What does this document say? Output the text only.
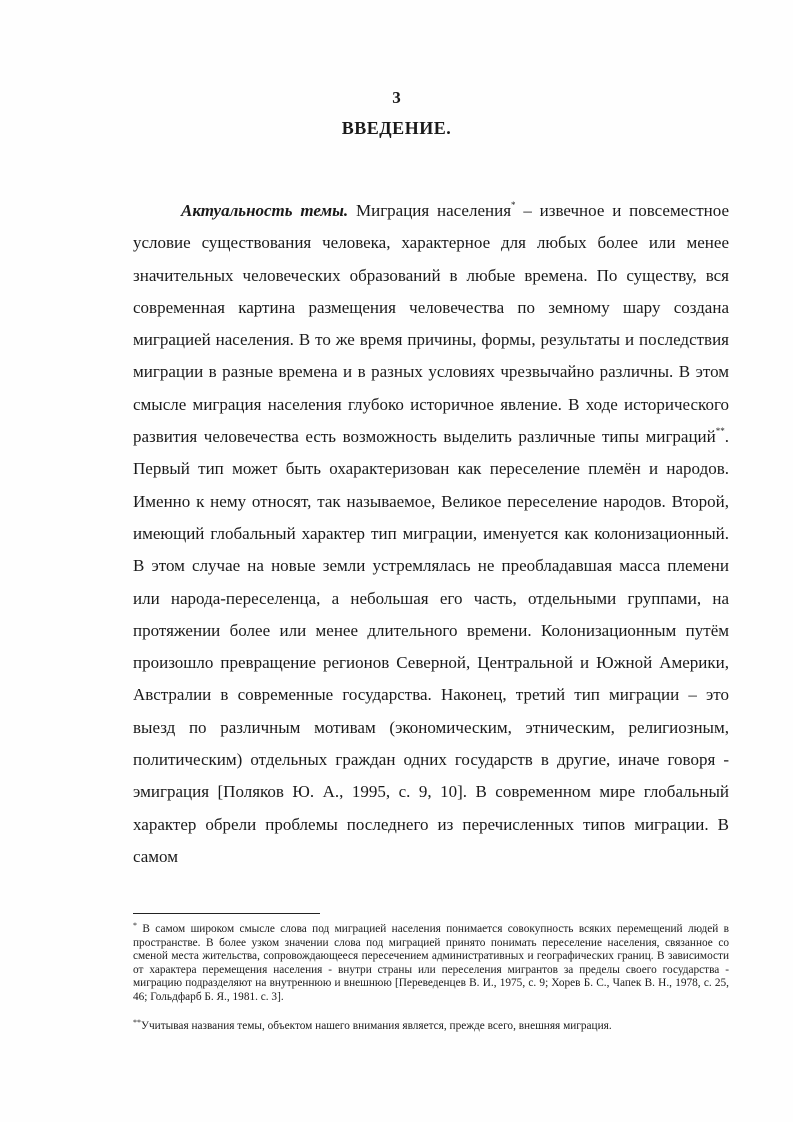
3
ВВЕДЕНИЕ.

Актуальность темы. Миграция населения* – извечное и повсеместное условие существования человека, характерное для любых более или менее значительных человеческих образований в любые времена. По существу, вся современная картина размещения человечества по земному шару создана миграцией населения. В то же время причины, формы, результаты и последствия миграции в разные времена и в разных условиях чрезвычайно различны. В этом смысле миграция населения глубоко историчное явление. В ходе исторического развития человечества есть возможность выделить различные типы миграций**. Первый тип может быть охарактеризован как переселение племён и народов. Именно к нему относят, так называемое, Великое переселение народов. Второй, имеющий глобальный характер тип миграции, именуется как колонизационный. В этом случае на новые земли устремлялась не преобладавшая масса племени или народа-переселенца, а небольшая его часть, отдельными группами, на протяжении более или менее длительного времени. Колонизационным путём произошло превращение регионов Северной, Центральной и Южной Америки, Австралии в современные государства. Наконец, третий тип миграции – это выезд по различным мотивам (экономическим, этническим, религиозным, политическим) отдельных граждан одних государств в другие, иначе говоря - эмиграция [Поляков Ю. А., 1995, с. 9, 10]. В современном мире глобальный характер обрели проблемы последнего из перечисленных типов миграции. В самом

* В самом широком смысле слова под миграцией населения понимается совокупность всяких перемещений людей в пространстве. В более узком значении слова под миграцией принято понимать переселение населения, связанное со сменой места жительства, сопровождающееся пересечением административных и географических границ. В зависимости от характера перемещения населения - внутри страны или переселения мигрантов за пределы своего государства - миграцию подразделяют на внутреннюю и внешнюю [Переведенцев В. И., 1975, с. 9; Хорев Б. С., Чапек В. Н., 1978, с. 25, 46; Гольдфарб Б. Я., 1981. с. 3].

**Учитывая названия темы, объектом нашего внимания является, прежде всего, внешняя миграция.
